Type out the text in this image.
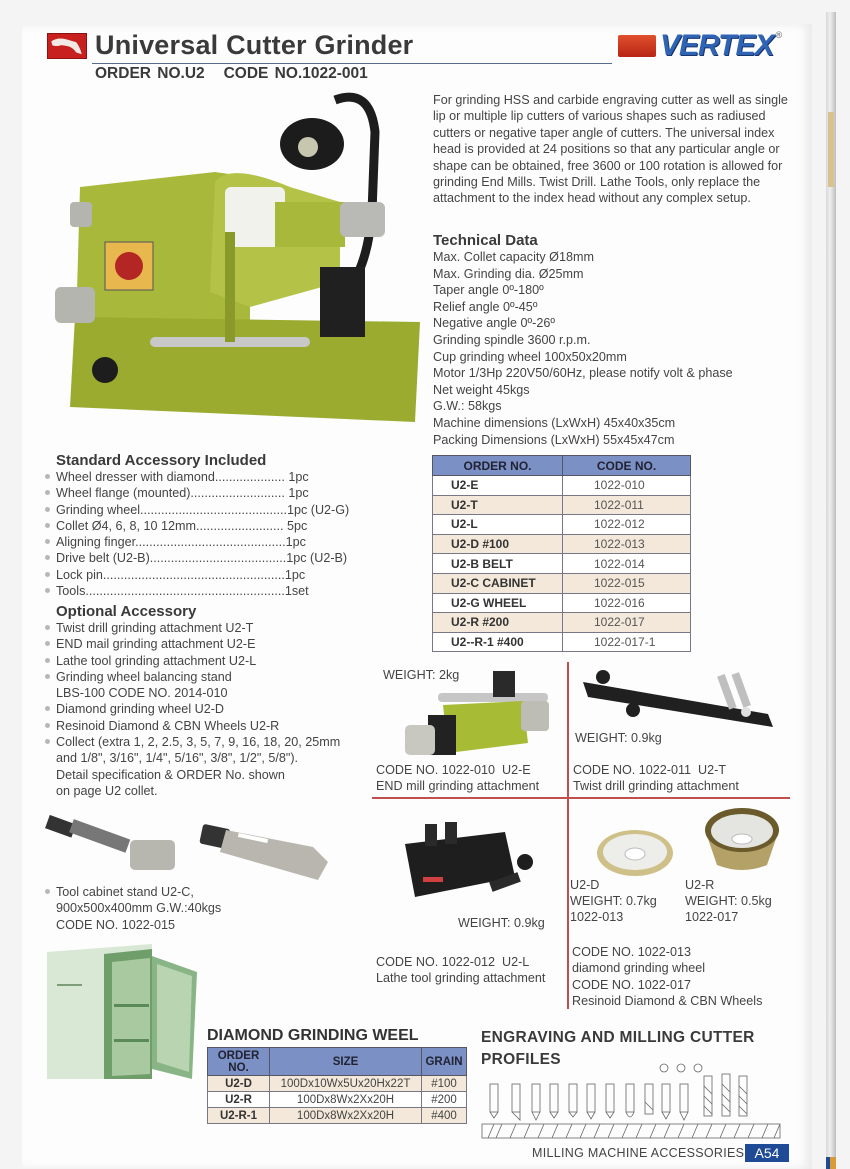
Universal Cutter Grinder
ORDER NO.U2   CODE NO.1022-001
VERTEX ®
For grinding HSS and carbide engraving cutter as well as single lip or multiple lip cutters of various shapes such as radiused cutters or negative taper angle of cutters. The universal index head is provided at 24 positions so that any particular angle or shape can be obtained, free 3600 or 100 rotation is allowed for grinding End Mills. Twist Drill. Lathe Tools, only replace the attachment to the index head without any complex setup.
Technical Data
Max. Collet capacity Ø18mm
Max. Grinding dia. Ø25mm
Taper angle 0º-180º
Relief angle 0º-45º
Negative angle 0º-26º
Grinding spindle 3600 r.p.m.
Cup grinding wheel 100x50x20mm
Motor 1/3Hp 220V50/60Hz, please notify volt & phase
Net weight 45kgs
G.W.: 58kgs
Machine dimensions (LxWxH) 45x40x35cm
Packing Dimensions (LxWxH) 55x45x47cm
ORDER NO.	CODE NO.
U2-E	1022-010
U2-T	1022-011
U2-L	1022-012
U2-D #100	1022-013
U2-B BELT	1022-014
U2-C CABINET	1022-015
U2-G WHEEL	1022-016
U2-R #200	1022-017
U2--R-1 #400	1022-017-1
Standard Accessory Included
Wheel dresser with diamond.................... 1pc
Wheel flange (mounted)........................... 1pc
Grinding wheel..........................................1pc (U2-G)
Collet Ø4, 6, 8, 10 12mm......................... 5pc
Aligning finger...........................................1pc
Drive belt (U2-B).......................................1pc (U2-B)
Lock pin....................................................1pc
Tools.........................................................1set
Optional Accessory
Twist drill grinding attachment U2-T
END mail grinding attachment U2-E
Lathe tool grinding attachment U2-L
Grinding wheel balancing stand
LBS-100 CODE NO. 2014-010
Diamond grinding wheel U2-D
Resinoid Diamond & CBN Wheels U2-R
Collect (extra 1, 2, 2.5, 3, 5, 7, 9, 16, 18, 20, 25mm
and 1/8", 3/16", 1/4", 5/16", 3/8", 1/2", 5/8").
Detail specification & ORDER No. shown
on page U2 collet.
WEIGHT: 2kg
CODE NO. 1022-010  U2-E
END mill grinding attachment
WEIGHT: 0.9kg
CODE NO. 1022-011  U2-T
Twist drill grinding attachment
WEIGHT: 0.9kg
CODE NO. 1022-012  U2-L
Lathe tool grinding attachment
U2-D
WEIGHT: 0.7kg
1022-013
U2-R
WEIGHT: 0.5kg
1022-017
CODE NO. 1022-013
diamond grinding wheel
CODE NO. 1022-017
Resinoid Diamond & CBN Wheels
Tool cabinet stand U2-C,
900x500x400mm G.W.:40kgs
CODE NO. 1022-015
DIAMOND GRINDING WEEL
ORDER NO.	SIZE	GRAIN
U2-D	100Dx10Wx5Ux20Hx22T	#100
U2-R	100Dx8Wx2Xx20H	#200
U2-R-1	100Dx8Wx2Xx20H	#400
ENGRAVING AND MILLING CUTTER
PROFILES
MILLING MACHINE ACCESSORIES A54
